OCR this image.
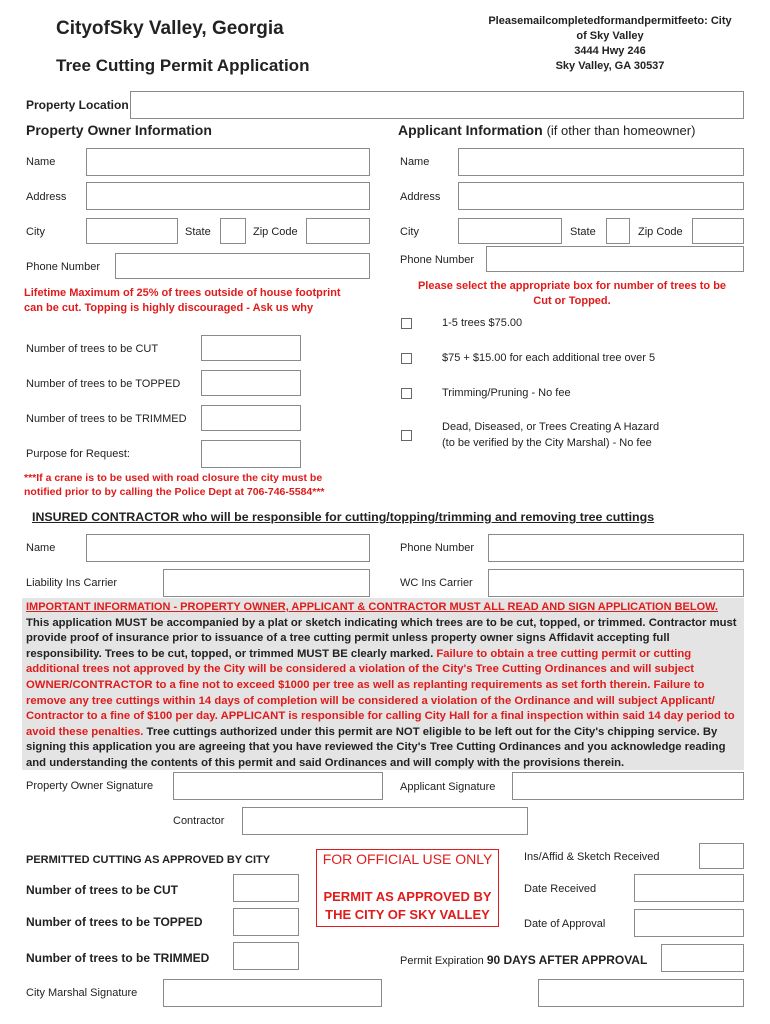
CityofSky Valley, Georgia
Tree Cutting Permit Application
Pleasemailcompletedformandpermitfeeto: City
of Sky Valley
3444 Hwy 246
Sky Valley, GA 30537
Property Location
Property Owner Information	Applicant Information (if other than homeowner)
Name
Address
City	State	Zip Code
Phone Number
Name
Address
City	State	Zip Code
Phone Number
Lifetime Maximum of 25% of trees outside of house footprint
can be cut. Topping is highly discouraged - Ask us why
Please select the appropriate box for number of trees to be
Cut or Topped.
1-5 trees $75.00
$75 + $15.00 for each additional tree over 5
Trimming/Pruning - No fee
Dead, Diseased, or Trees Creating A Hazard
(to be verified by the City Marshal) - No fee
Number of trees to be CUT
Number of trees to be TOPPED
Number of trees to be TRIMMED
Purpose for Request:
***If a crane is to be used with road closure the city must be
notified prior to by calling the Police Dept at 706-746-5584***
INSURED CONTRACTOR who will be responsible for cutting/topping/trimming and removing tree cuttings
Name	Phone Number
Liability Ins Carrier	WC Ins Carrier
IMPORTANT INFORMATION - PROPERTY OWNER, APPLICANT & CONTRACTOR MUST ALL READ AND SIGN APPLICATION BELOW.
This application MUST be accompanied by a plat or sketch indicating which trees are to be cut, topped, or trimmed. Contractor must provide proof of insurance prior to issuance of a tree cutting permit unless property owner signs Affidavit accepting full responsibility. Trees to be cut, topped, or trimmed MUST BE clearly marked. Failure to obtain a tree cutting permit or cutting additional trees not approved by the City will be considered a violation of the City's Tree Cutting Ordinances and will subject OWNER/CONTRACTOR to a fine not to exceed $1000 per tree as well as replanting requirements as set forth therein. Failure to remove any tree cuttings within 14 days of completion will be considered a violation of the Ordinance and will subject Applicant/ Contractor to a fine of $100 per day. APPLICANT is responsible for calling City Hall for a final inspection within said 14 day period to avoid these penalties. Tree cuttings authorized under this permit are NOT eligible to be left out for the City's chipping service. By signing this application you are agreeing that you have reviewed the City's Tree Cutting Ordinances and you acknowledge reading and understanding the contents of this permit and said Ordinances and will comply with the provisions therein.
Property Owner Signature	Applicant Signature
Contractor
PERMITTED CUTTING AS APPROVED BY CITY
Number of trees to be CUT
Number of trees to be TOPPED
Number of trees to be TRIMMED
FOR OFFICIAL USE ONLY
PERMIT AS APPROVED BY
THE CITY OF SKY VALLEY
Ins/Affid & Sketch Received
Date Received
Date of Approval
Permit Expiration 90 DAYS AFTER APPROVAL
City Marshal Signature
